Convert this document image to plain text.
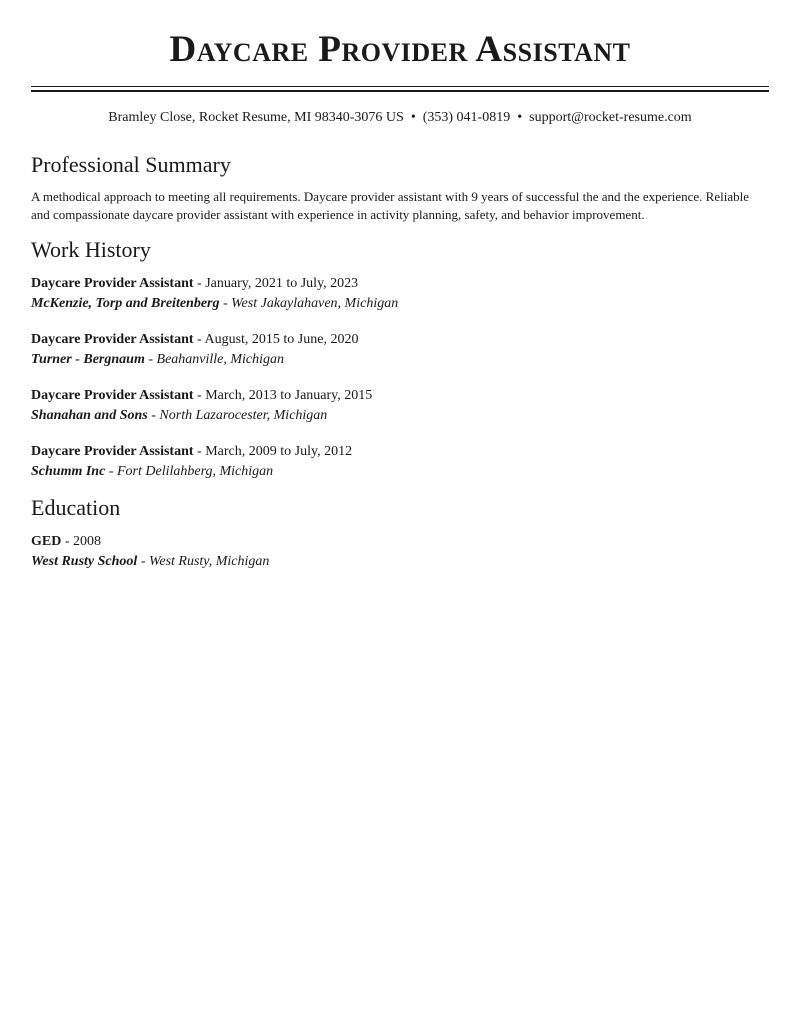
Daycare Provider Assistant
Bramley Close, Rocket Resume, MI 98340-3076 US • (353) 041-0819 • support@rocket-resume.com
Professional Summary
A methodical approach to meeting all requirements. Daycare provider assistant with 9 years of successful the and the experience. Reliable and compassionate daycare provider assistant with experience in activity planning, safety, and behavior improvement.
Work History
Daycare Provider Assistant - January, 2021 to July, 2023
McKenzie, Torp and Breitenberg - West Jakaylahaven, Michigan
Daycare Provider Assistant - August, 2015 to June, 2020
Turner - Bergnaum - Beahanville, Michigan
Daycare Provider Assistant - March, 2013 to January, 2015
Shanahan and Sons - North Lazarocester, Michigan
Daycare Provider Assistant - March, 2009 to July, 2012
Schumm Inc - Fort Delilahberg, Michigan
Education
GED - 2008
West Rusty School - West Rusty, Michigan
